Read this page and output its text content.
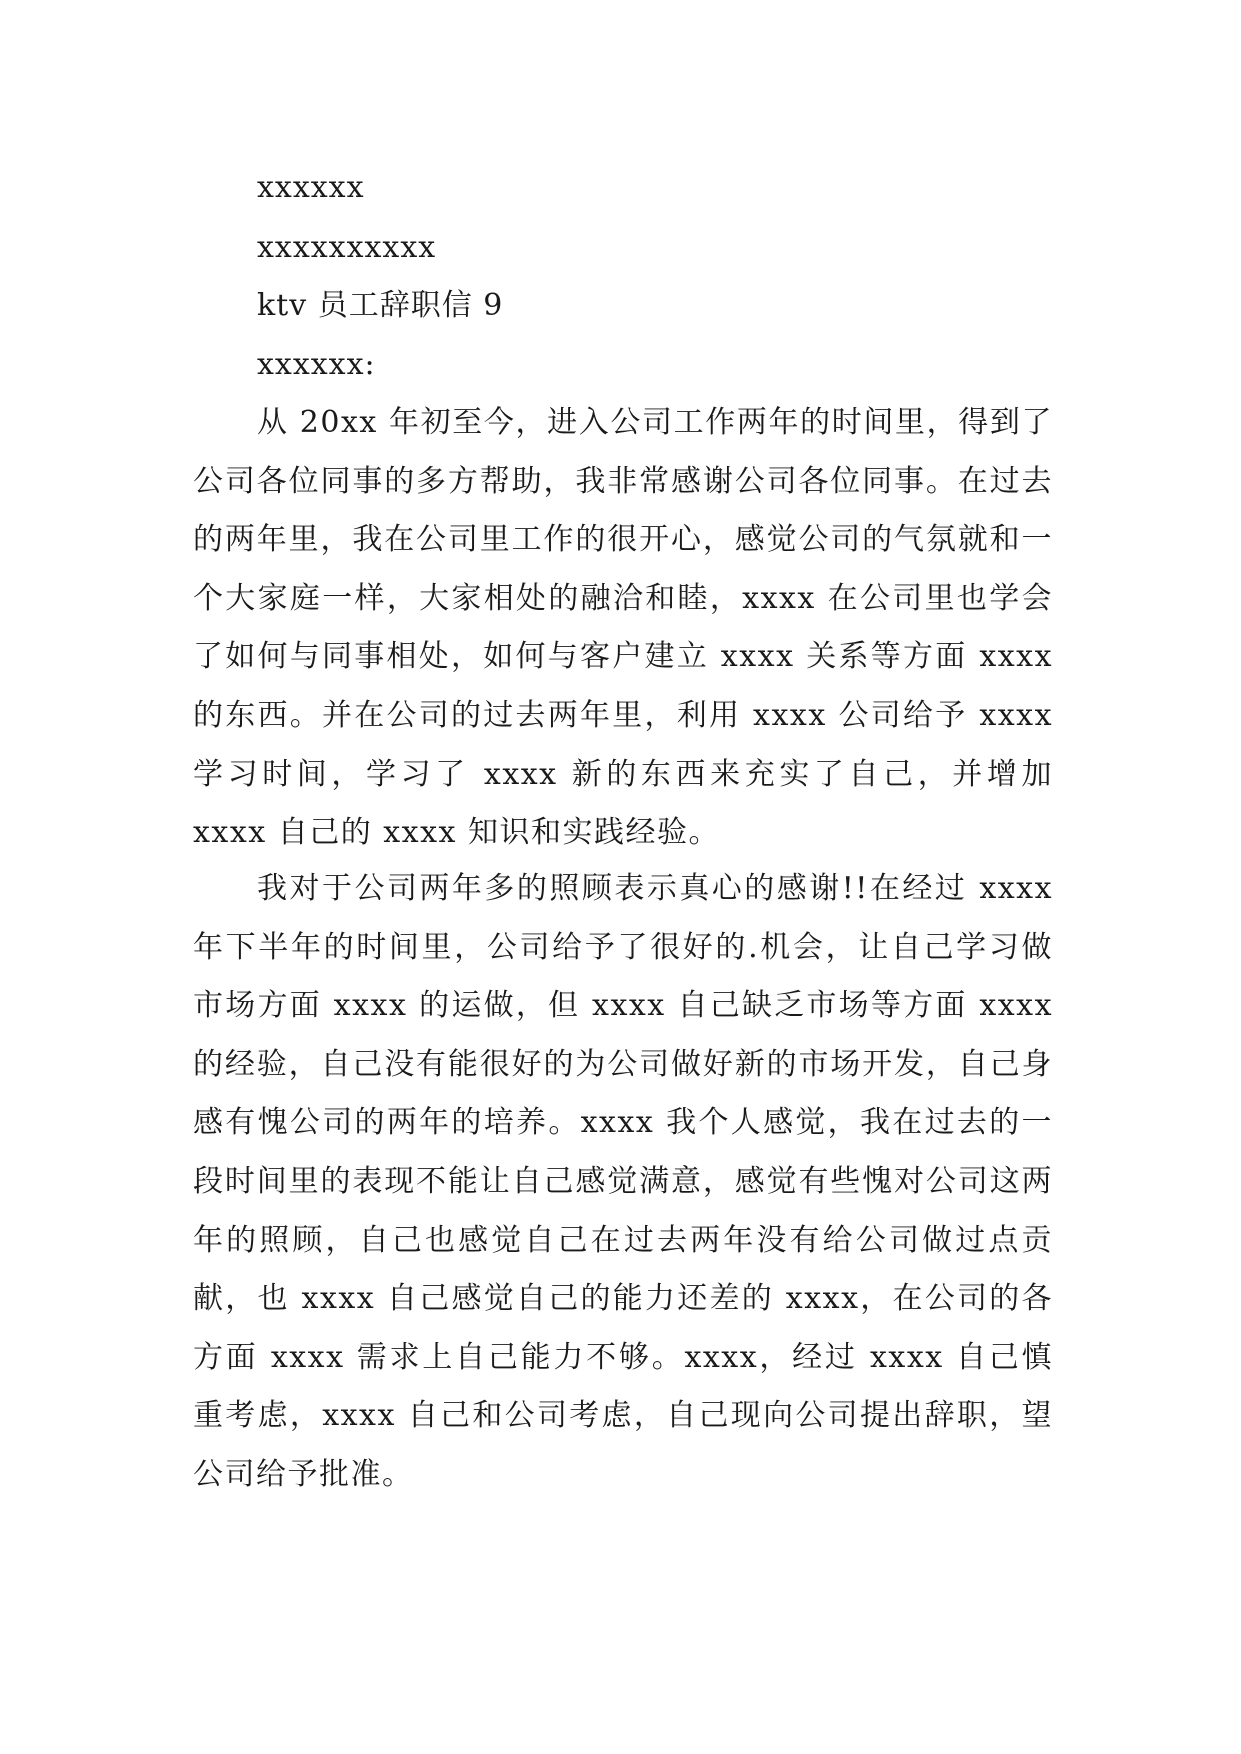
xxxxxx
xxxxxxxxxx
ktv 员工辞职信 9
xxxxxx:

从 20xx 年初至今，进入公司工作两年的时间里，得到了公司各位同事的多方帮助，我非常感谢公司各位同事。在过去的两年里，我在公司里工作的很开心，感觉公司的气氛就和一个大家庭一样，大家相处的融洽和睦，xxxx 在公司里也学会了如何与同事相处，如何与客户建立 xxxx 关系等方面 xxxx 的东西。并在公司的过去两年里，利用 xxxx 公司给予 xxxx 学习时间，学习了 xxxx 新的东西来充实了自己，并增加 xxxx 自己的 xxxx 知识和实践经验。

我对于公司两年多的照顾表示真心的感谢!!在经过 xxxx 年下半年的时间里，公司给予了很好的.机会，让自己学习做市场方面 xxxx 的运做，但 xxxx 自己缺乏市场等方面 xxxx 的经验，自己没有能很好的为公司做好新的市场开发，自己身感有愧公司的两年的培养。xxxx 我个人感觉，我在过去的一段时间里的表现不能让自己感觉满意，感觉有些愧对公司这两年的照顾，自己也感觉自己在过去两年没有给公司做过点贡献，也 xxxx 自己感觉自己的能力还差的 xxxx，在公司的各方面 xxxx 需求上自己能力不够。xxxx，经过 xxxx 自己慎重考虑，xxxx 自己和公司考虑，自己现向公司提出辞职，望公司给予批准。
